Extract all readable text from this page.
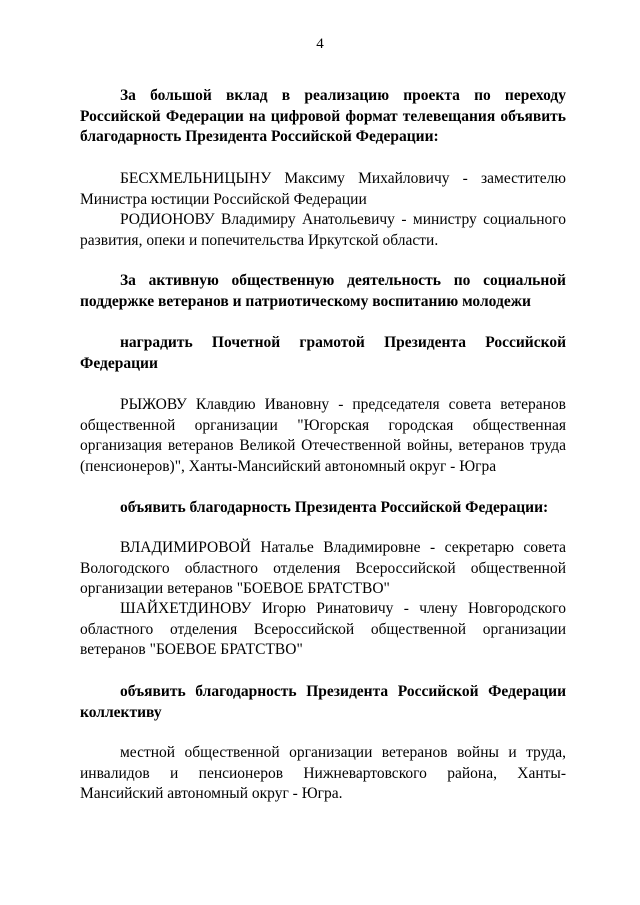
4
За большой вклад в реализацию проекта по переходу Российской Федерации на цифровой формат телевещания объявить благодарность Президента Российской Федерации:
БЕСХМЕЛЬНИЦЫНУ Максиму Михайловичу - заместителю Министра юстиции Российской Федерации
РОДИОНОВУ Владимиру Анатольевичу - министру социального развития, опеки и попечительства Иркутской области.
За активную общественную деятельность по социальной поддержке ветеранов и патриотическому воспитанию молодежи
наградить Почетной грамотой Президента Российской Федерации
РЫЖОВУ Клавдию Ивановну - председателя совета ветеранов общественной организации "Югорская городская общественная организация ветеранов Великой Отечественной войны, ветеранов труда (пенсионеров)", Ханты-Мансийский автономный округ - Югра
объявить благодарность Президента Российской Федерации:
ВЛАДИМИРОВОЙ Наталье Владимировне - секретарю совета Вологодского областного отделения Всероссийской общественной организации ветеранов "БОЕВОЕ БРАТСТВО"
ШАЙХЕТДИНОВУ Игорю Ринатовичу - члену Новгородского областного отделения Всероссийской общественной организации ветеранов "БОЕВОЕ БРАТСТВО"
объявить благодарность Президента Российской Федерации коллективу
местной общественной организации ветеранов войны и труда, инвалидов и пенсионеров Нижневартовского района, Ханты-Мансийский автономный округ - Югра.
